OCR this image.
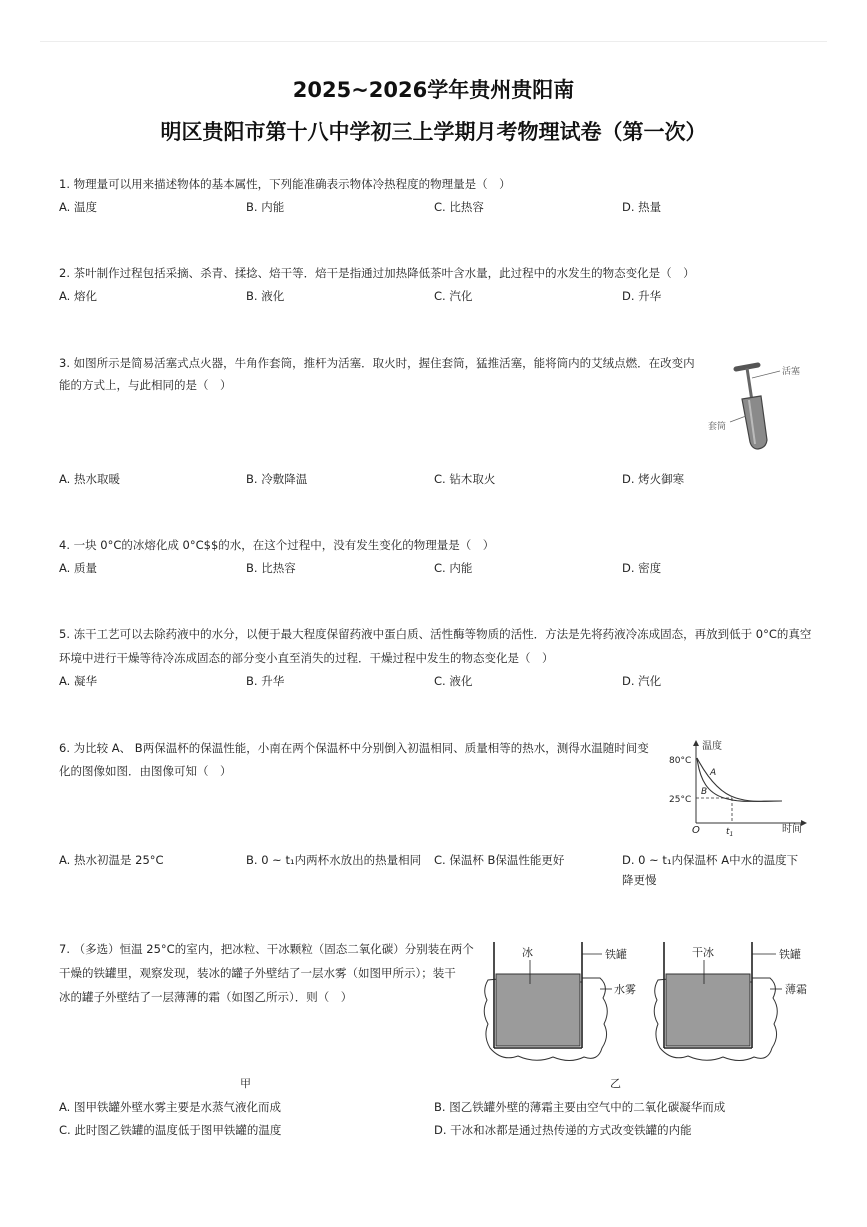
2025~2026学年贵州贵阳南
明区贵阳市第十八中学初三上学期月考物理试卷（第一次）
1. 物理量可以用来描述物体的基本属性，下列能准确表示物体冷热程度的物理量是（　）
A. 温度	B. 内能	C. 比热容	D. 热量
2. 茶叶制作过程包括采摘、杀青、揉捻、焙干等．焙干是指通过加热降低茶叶含水量，此过程中的水发生的物态变化是（　）
A. 熔化	B. 液化	C. 汽化	D. 升华
3. 如图所示是简易活塞式点火器，牛角作套筒，推杆为活塞．取火时，握住套筒，猛推活塞，能将筒内的艾绒点燃．在改变内
能的方式上，与此相同的是（　）
活塞
套筒
A. 热水取暖	B. 冷敷降温	C. 钻木取火	D. 烤火御寒
4. 一块 0°C的冰熔化成 0°C$$的水，在这个过程中，没有发生变化的物理量是（　）
A. 质量	B. 比热容	C. 内能	D. 密度
5. 冻干工艺可以去除药液中的水分，以便于最大程度保留药液中蛋白质、活性酶等物质的活性．方法是先将药液冷冻成固态，再放到低于 0°C的真空
环境中进行干燥等待冷冻成固态的部分变小直至消失的过程．干燥过程中发生的物态变化是（　）
A. 凝华	B. 升华	C. 液化	D. 汽化
6. 为比较 A、 B两保温杯的保温性能，小南在两个保温杯中分别倒入初温相同、质量相等的热水，测得水温随时间变
化的图像如图．由图像可知（　）
温度
时间
80°C
25°C
O	$t_1$
A
B
A. 热水初温是 25°C	B. 0 ~ t₁内两杯水放出的热量相同 C. 保温杯 B保温性能更好	D. 0 ~ t₁内保温杯 A中水的温度下降更慢
7. （多选）恒温 25°C的室内，把冰粒、干冰颗粒（固态二氧化碳）分别装在两个
干燥的铁罐里，观察发现，装冰的罐子外壁结了一层水雾（如图甲所示）；装干
冰的罐子外壁结了一层薄薄的霜（如图乙所示）．则（　）
冰	铁罐
水雾
甲
干冰	铁罐
薄霜
乙
A. 图甲铁罐外壁水雾主要是水蒸气液化而成	B. 图乙铁罐外壁的薄霜主要由空气中的二氧化碳凝华而成
C. 此时图乙铁罐的温度低于图甲铁罐的温度	D. 干冰和冰都是通过热传递的方式改变铁罐的内能
